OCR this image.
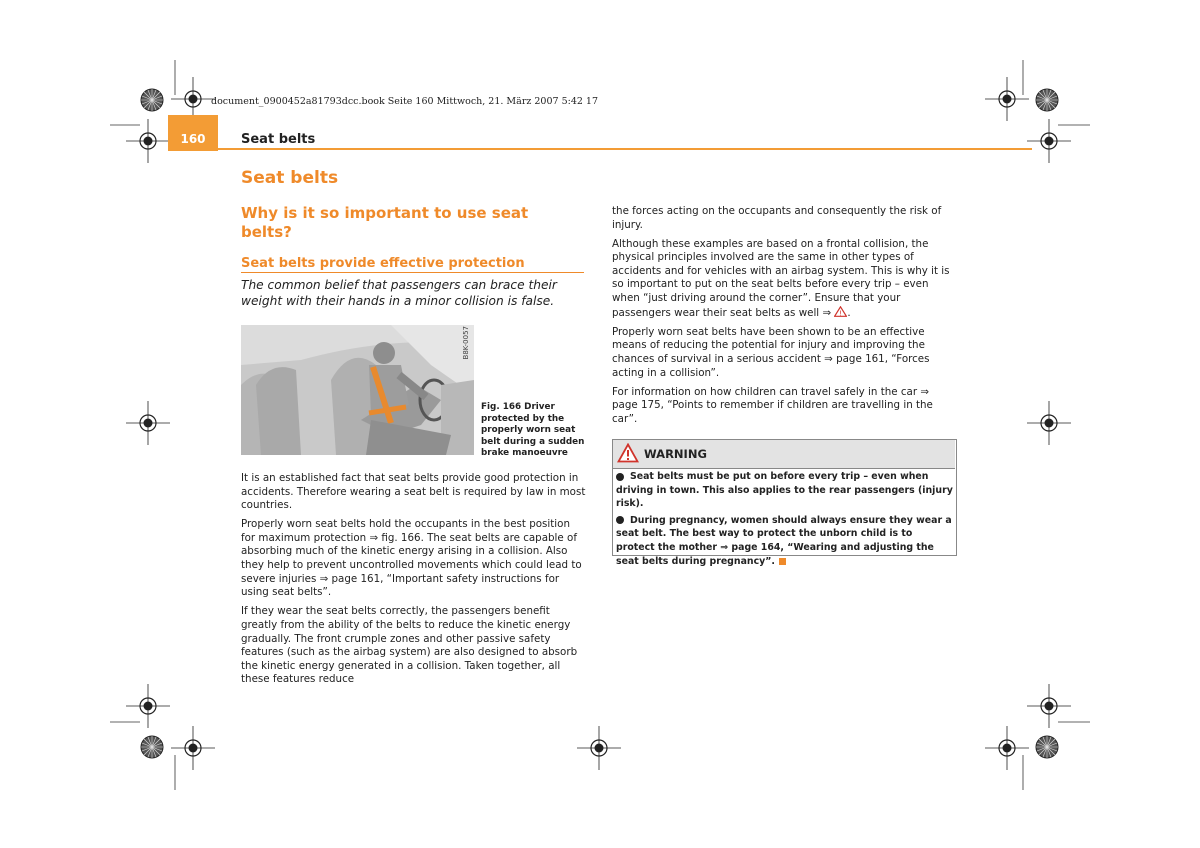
document_0900452a81793dcc.book Seite 160 Mittwoch, 21. März 2007 5:42 17
160	Seat belts
Seat belts
Why is it so important to use seat belts?
Seat belts provide effective protection
The common belief that passengers can brace their weight with their hands in a minor collision is false.
B8K-0057
Fig. 166 Driver protected by the properly worn seat belt during a sudden brake manoeuvre

It is an established fact that seat belts provide good protection in accidents. Therefore wearing a seat belt is required by law in most countries.

Properly worn seat belts hold the occupants in the best position for maximum protection ⇒ fig. 166. The seat belts are capable of absorbing much of the kinetic energy arising in a collision. Also they help to prevent uncontrolled movements which could lead to severe injuries ⇒ page 161, “Important safety instructions for using seat belts”.

If they wear the seat belts correctly, the passengers benefit greatly from the ability of the belts to reduce the kinetic energy gradually. The front crumple zones and other passive safety features (such as the airbag system) are also designed to absorb the kinetic energy generated in a collision. Taken together, all these features reduce

the forces acting on the occupants and consequently the risk of injury.

Although these examples are based on a frontal collision, the physical principles involved are the same in other types of accidents and for vehicles with an airbag system. This is why it is so important to put on the seat belts before every trip – even when “just driving around the corner”. Ensure that your passengers wear their seat belts as well ⇒ ! .

Properly worn seat belts have been shown to be an effective means of reducing the potential for injury and improving the chances of survival in a serious accident ⇒ page 161, “Forces acting in a collision”.

For information on how children can travel safely in the car ⇒ page 175, “Points to remember if children are travelling in the car”.

WARNING

Seat belts must be put on before every trip – even when driving in town. This also applies to the rear passengers (injury risk).

During pregnancy, women should always ensure they wear a seat belt. The best way to protect the unborn child is to protect the mother ⇒ page 164, “Wearing and adjusting the seat belts during pregnancy”.
